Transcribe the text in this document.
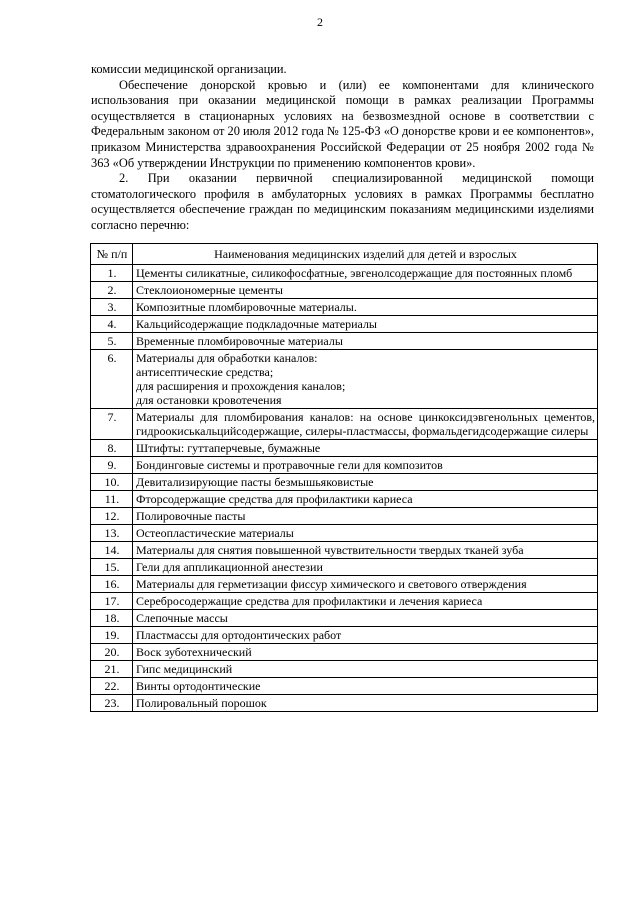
2

комиссии медицинской организации.

Обеспечение донорской кровью и (или) ее компонентами для клинического использования при оказании медицинской помощи в рамках реализации Программы осуществляется в стационарных условиях на безвозмездной основе в соответствии с Федеральным законом от 20 июля 2012 года № 125-ФЗ «О донорстве крови и ее компонентов», приказом Министерства здравоохранения Российской Федерации от 25 ноября 2002 года № 363 «Об утверждении Инструкции по применению компонентов крови».

2. При оказании первичной специализированной медицинской помощи стоматологического профиля в амбулаторных условиях в рамках Программы бесплатно осуществляется обеспечение граждан по медицинским показаниям медицинскими изделиями согласно перечню:

№ п/п	Наименования медицинских изделий для детей и взрослых
1.	Цементы силикатные, силикофосфатные, эвгенолсодержащие для постоянных пломб

2.	Стеклоиономерные цементы

3.	Композитные пломбировочные материалы.

4.	Кальцийсодержащие подкладочные материалы

5.	Временные пломбировочные материалы

6.	Материалы для обработки каналов:
антисептические средства;
для расширения и прохождения каналов;
для остановки кровотечения

7.	Материалы для пломбирования каналов: на основе цинкоксидэвгенольных цементов, гидроокиськальцийсодержащие, силеры-пластмассы, формальдегидсодержащие силеры

8.	Штифты: гуттаперчевые, бумажные

9.	Бондинговые системы и протравочные гели для композитов

10.	Девитализирующие пасты безмышьяковистые

11.	Фторсодержащие средства для профилактики кариеса

12.	Полировочные пасты

13.	Остеопластические материалы

14.	Материалы для снятия повышенной чувствительности твердых тканей зуба

15.	Гели для аппликационной анестезии

16.	Материалы для герметизации фиссур химического и светового отверждения

17.	Серебросодержащие средства для профилактики и лечения кариеса

18.	Слепочные массы

19.	Пластмассы для ортодонтических работ

20.	Воск зуботехнический

21.	Гипс медицинский

22.	Винты ортодонтические

23.	Полировальный порошок
